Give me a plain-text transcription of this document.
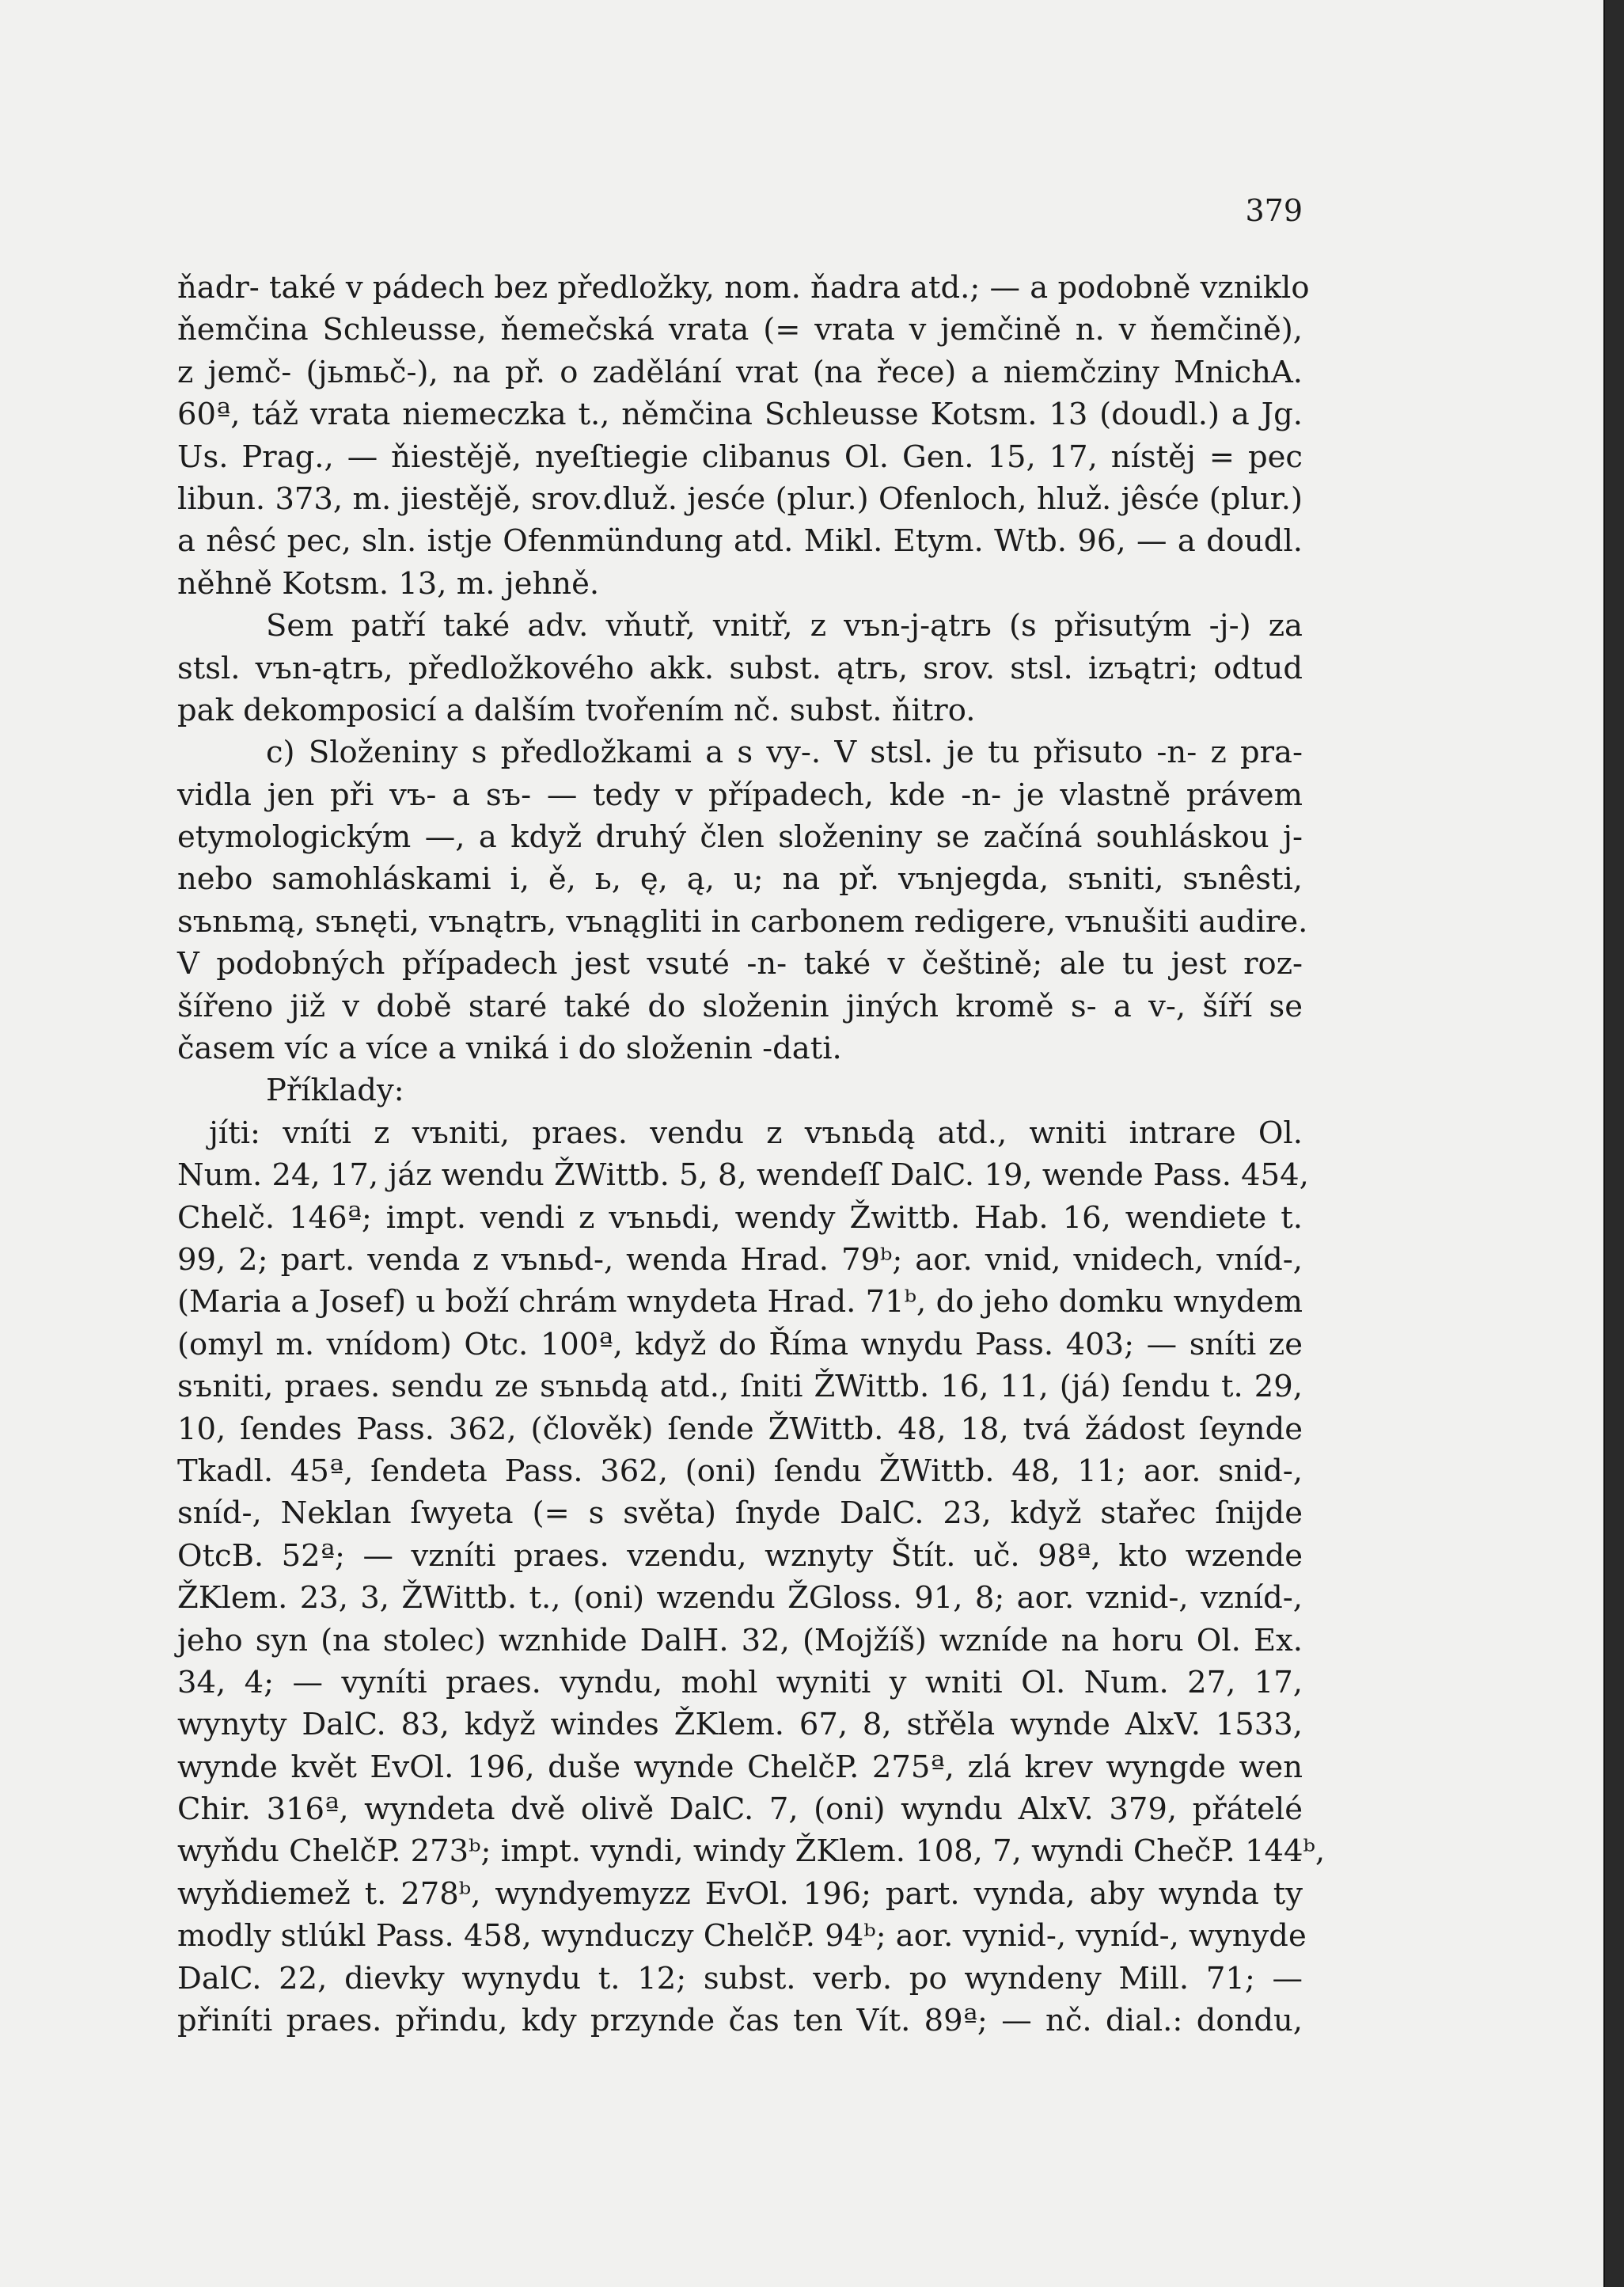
379
ňadr- také v pádech bez předložky, nom. ňadra atd.; — a podobně vzniklo
ňemčina Schleusse, ňemečská vrata (= vrata v jemčině n. v ňemčině),
z jemč- (jьmьč-), na př. o zadělání vrat (na řece) a niemčziny MnichA.
60ª, táž vrata niemeczka t., němčina Schleusse Kotsm. 13 (doudl.) a Jg.
Us. Prag., — ňiestějě, nyeſtiegie clibanus Ol. Gen. 15, 17, nístěj = pec
libun. 373, m. jiestějě, srov.dluž. jesće (plur.) Ofenloch, hluž. jêsće (plur.)
a nêsć pec, sln. istje Ofenmündung atd. Mikl. Etym. Wtb. 96, — a doudl.
něhně Kotsm. 13, m. jehně.
Sem patří také adv. vňutř, vnitř, z vъn-j-ątrь (s přisutým -j-) za
stsl. vъn-ątrь, předložkového akk. subst. ątrь, srov. stsl. izъątri; odtud
pak dekomposicí a dalším tvořením nč. subst. ňitro.
c) Složeniny s předložkami a s vy-. V stsl. je tu přisuto -n- z pra-
vidla jen při vъ- a sъ- — tedy v případech, kde -n- je vlastně právem
etymologickým —, a když druhý člen složeniny se začíná souhláskou j-
nebo samohláskami i, ě, ь, ę, ą, u; na př. vъnjegda, sъniti, sъnêsti,
sъnьmą, sъnęti, vъnątrь, vъnągliti in carbonem redigere, vъnušiti audire.
V podobných případech jest vsuté -n- také v češtině; ale tu jest roz-
šířeno již v době staré také do složenin jiných kromě s- a v-, šíří se
časem víc a více a vniká i do složenin -dati.
Příklady:
jíti: vníti z vъniti, praes. vendu z vъnьdą atd., wniti intrare Ol.
Num. 24, 17, jáz wendu ŽWittb. 5, 8, wendeſſ DalC. 19, wende Pass. 454,
Chelč. 146ª; impt. vendi z vъnьdi, wendy Žwittb. Hab. 16, wendiete t.
99, 2; part. venda z vъnьd-, wenda Hrad. 79ᵇ; aor. vnid, vnidech, vníd-,
(Maria a Josef) u boží chrám wnydeta Hrad. 71ᵇ, do jeho domku wnydem
(omyl m. vnídom) Otc. 100ª, když do Říma wnydu Pass. 403; — sníti ze
sъniti, praes. sendu ze sъnьdą atd., ſniti ŽWittb. 16, 11, (já) ſendu t. 29,
10, ſendes Pass. 362, (člověk) ſende ŽWittb. 48, 18, tvá žádost ſeynde
Tkadl. 45ª, ſendeta Pass. 362, (oni) ſendu ŽWittb. 48, 11; aor. snid-,
sníd-, Neklan ſwyeta (= s světa) ſnyde DalC. 23, když stařec ſnijde
OtcB. 52ª; — vzníti praes. vzendu, wznyty Štít. uč. 98ª, kto wzende
ŽKlem. 23, 3, ŽWittb. t., (oni) wzendu ŽGloss. 91, 8; aor. vznid-, vzníd-,
jeho syn (na stolec) wznhide DalH. 32, (Mojžíš) wzníde na horu Ol. Ex.
34, 4; — vyníti praes. vyndu, mohl wyniti y wniti Ol. Num. 27, 17,
wynyty DalC. 83, když windes ŽKlem. 67, 8, střěla wynde AlxV. 1533,
wynde květ EvOl. 196, duše wynde ChelčP. 275ª, zlá krev wyngde wen
Chir. 316ª, wyndeta dvě olivě DalC. 7, (oni) wyndu AlxV. 379, přátelé
wyňdu ChelčP. 273ᵇ; impt. vyndi, windy ŽKlem. 108, 7, wyndi ChečP. 144ᵇ,
wyňdiemež t. 278ᵇ, wyndyemyzz EvOl. 196; part. vynda, aby wynda ty
modly stlúkl Pass. 458, wynduczy ChelčP. 94ᵇ; aor. vynid-, vyníd-, wynyde
DalC. 22, dievky wynydu t. 12; subst. verb. po wyndeny Mill. 71; —
přiníti praes. přindu, kdy przynde čas ten Vít. 89ª; — nč. dial.: dondu,
